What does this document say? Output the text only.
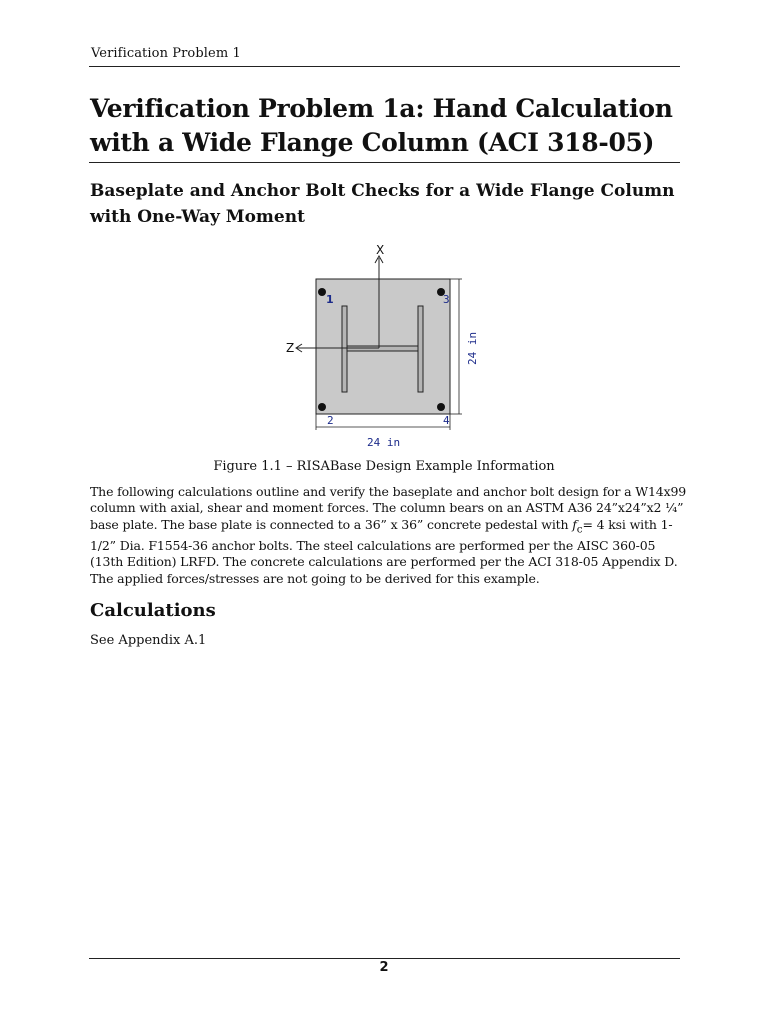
Verification Problem 1
Verification Problem 1a: Hand Calculation with a Wide Flange Column (ACI 318-05)
Baseplate and Anchor Bolt Checks for a Wide Flange Column with One-Way Moment
X
Z
1	3
2	4
24 in
24 in
Figure 1.1 – RISABase Design Example Information

The following calculations outline and verify the baseplate and anchor bolt design for a W14x99 column with axial, shear and moment forces. The column bears on an ASTM A36 24”x24”x2 ¼” base plate. The base plate is connected to a 36” x 36” concrete pedestal with $f_c= 4$ ksi with 1-1/2” Dia. F1554-36 anchor bolts. The steel calculations are performed per the AISC 360-05 (13th Edition) LRFD. The concrete calculations are performed per the ACI 318-05 Appendix D. The applied forces/stresses are not going to be derived for this example.

Calculations

See Appendix A.1

2
